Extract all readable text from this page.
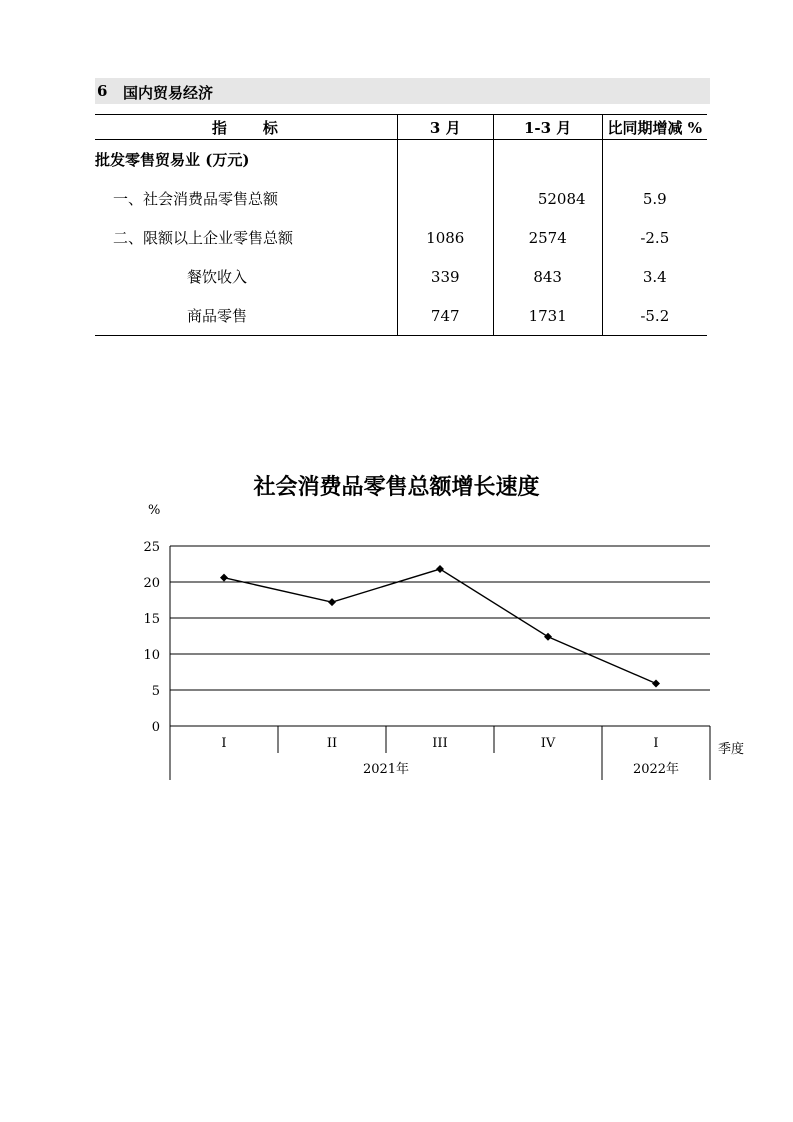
6 国内贸易经济
指　　标	3 月	1-3 月	比同期增减 %
批发零售贸易业 (万元)			
一、社会消费品零售总额		52084	5.9
二、限额以上企业零售总额	1086	2574	-2.5
餐饮收入	339	843	3.4
商品零售	747	1731	-5.2
社会消费品零售总额增长速度
25
20
15
10
5
0
%
I	II	III	IV	I
2021年	2022年
季度
